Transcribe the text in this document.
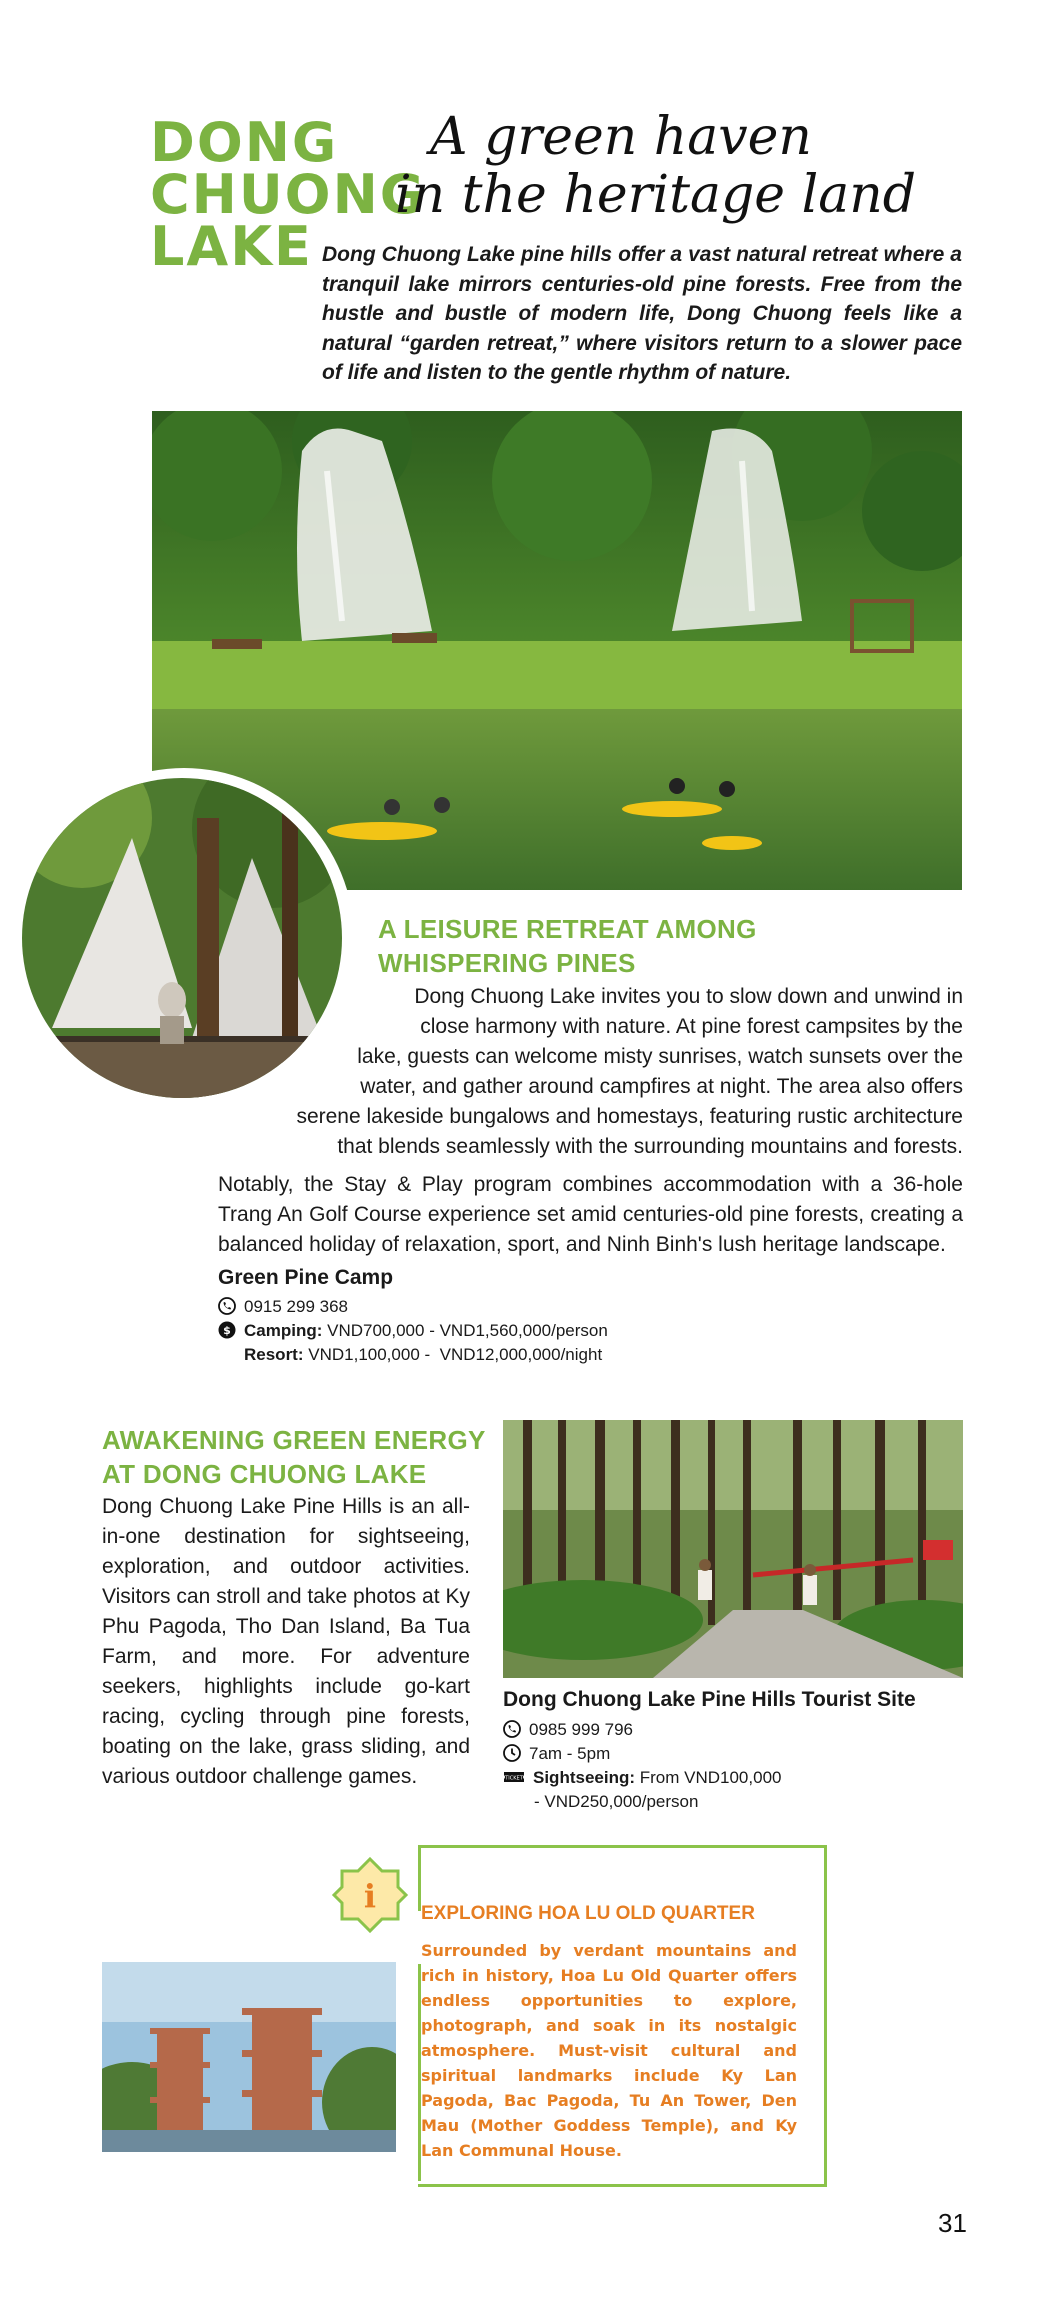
DONG
CHUONG
LAKE
A green haven
in the heritage land
Dong Chuong Lake pine hills offer a vast natural retreat where a tranquil lake mirrors centuries-old pine forests. Free from the hustle and bustle of modern life, Dong Chuong feels like a natural “garden retreat,” where visitors return to a slower pace of life and listen to the gentle rhythm of nature.
A LEISURE RETREAT AMONG
WHISPERING PINES
Dong Chuong Lake invites you to slow down and unwind in
close harmony with nature. At pine forest campsites by the
lake, guests can welcome misty sunrises, watch sunsets over the
water, and gather around campfires at night. The area also offers
serene lakeside bungalows and homestays, featuring rustic architecture
that blends seamlessly with the surrounding mountains and forests.
Notably, the Stay & Play program combines accommodation with a 36-hole Trang An Golf Course experience set amid centuries-old pine forests, creating a balanced holiday of relaxation, sport, and Ninh Binh's lush heritage landscape.
Green Pine Camp
0915 299 368
$ Camping: VND700,000 - VND1,560,000/person
Resort: VND1,100,000 -  VND12,000,000/night
AWAKENING GREEN ENERGY
AT DONG CHUONG LAKE
Dong Chuong Lake Pine Hills is an all-in-one destination for sightseeing, exploration, and outdoor activities. Visitors can stroll and take photos at Ky Phu Pagoda, Tho Dan Island, Ba Tua Farm, and more. For adventure seekers, highlights include go-kart racing, cycling through pine forests, boating on the lake, grass sliding, and various outdoor challenge games.
Dong Chuong Lake Pine Hills Tourist Site
0985 999 796
7am - 5pm
TICKET Sightseeing: From VND100,000
- VND250,000/person
i EXPLORING HOA LU OLD QUARTER
Surrounded by verdant mountains and rich in history, Hoa Lu Old Quarter offers endless opportunities to explore, photograph, and soak in its nostalgic atmosphere. Must-visit cultural and spiritual landmarks include Ky Lan Pagoda, Bac Pagoda, Tu An Tower, Den Mau (Mother Goddess Temple), and Ky Lan Communal House.
31
